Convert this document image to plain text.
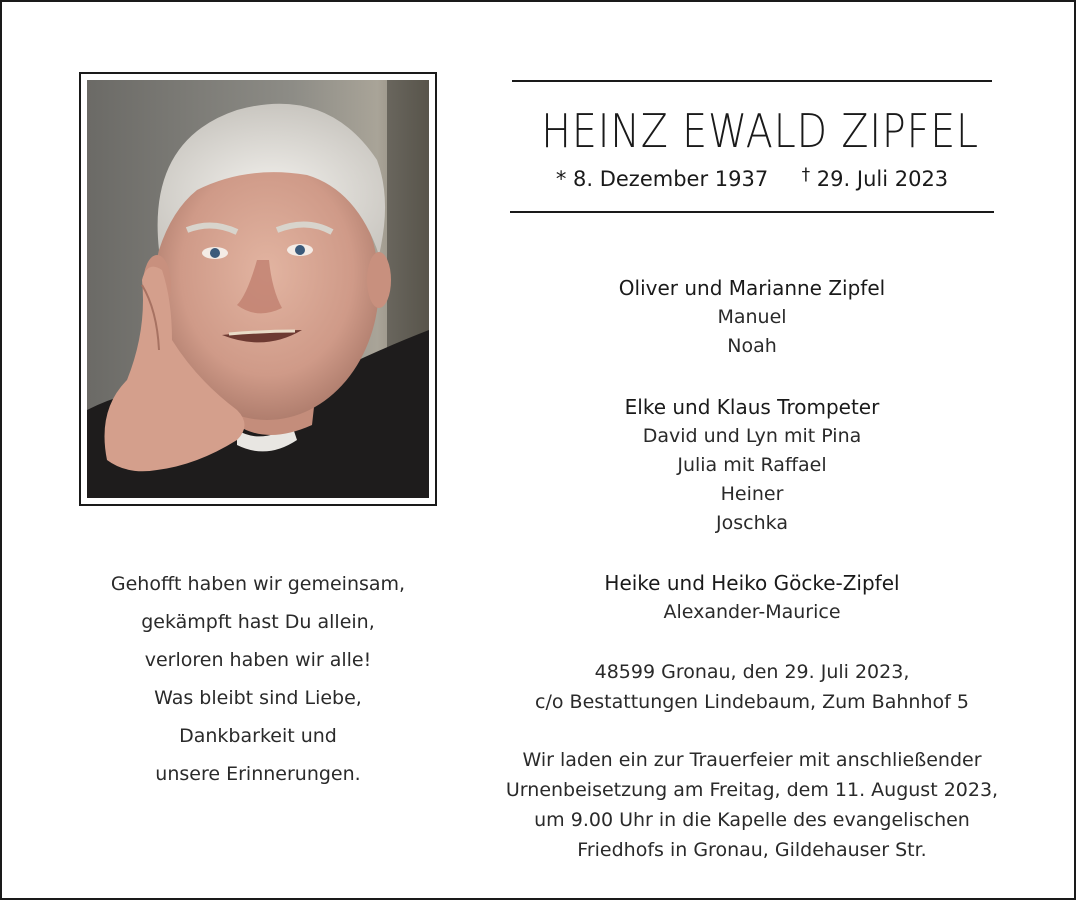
HEINZ EWALD ZIPFEL
* 8. Dezember 1937 † 29. Juli 2023
Oliver und Marianne Zipfel
Manuel
Noah
Elke und Klaus Trompeter
David und Lyn mit Pina
Julia mit Raffael
Heiner
Joschka
Heike und Heiko Göcke-Zipfel
Alexander-Maurice
48599 Gronau, den 29. Juli 2023,
c/o Bestattungen Lindebaum, Zum Bahnhof 5
Wir laden ein zur Trauerfeier mit anschließender
Urnenbeisetzung am Freitag, dem 11. August 2023,
um 9.00 Uhr in die Kapelle des evangelischen
Friedhofs in Gronau, Gildehauser Str.
Gehofft haben wir gemeinsam,
gekämpft hast Du allein,
verloren haben wir alle!
Was bleibt sind Liebe,
Dankbarkeit und
unsere Erinnerungen.
